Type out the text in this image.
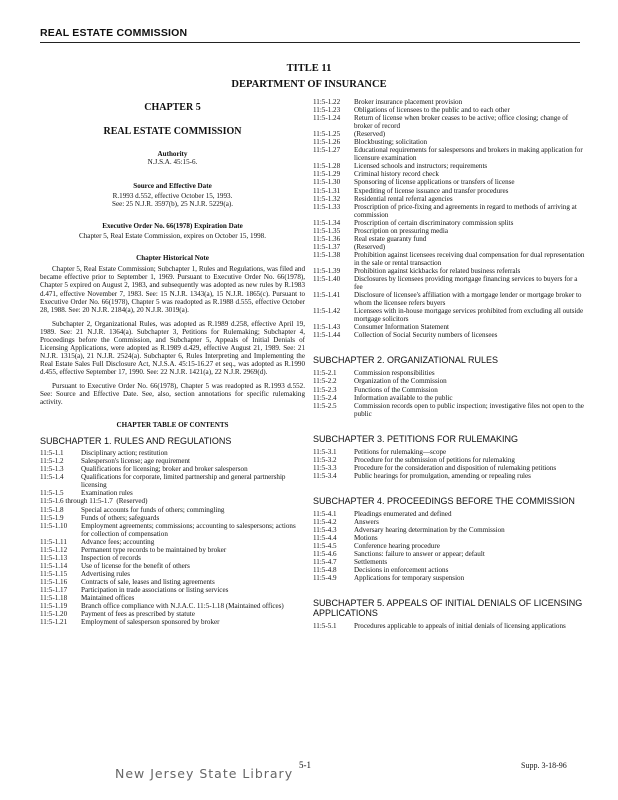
REAL ESTATE COMMISSION
TITLE 11
DEPARTMENT OF INSURANCE

CHAPTER 5

REAL ESTATE COMMISSION

Authority

N.J.S.A. 45:15-6.

Source and Effective Date

R.1993 d.552, effective October 15, 1993.

See: 25 N.J.R. 3597(b), 25 N.J.R. 5229(a).

Executive Order No. 66(1978) Expiration Date

Chapter 5, Real Estate Commission, expires on October 15, 1998.

Chapter Historical Note

Chapter 5, Real Estate Commission; Subchapter 1, Rules and Regulations, was filed and became effective prior to September 1, 1969. Pursuant to Executive Order No. 66(1978), Chapter 5 expired on August 2, 1983, and subsequently was adopted as new rules by R.1983 d.471, effective November 7, 1983. See: 15 N.J.R. 1343(a), 15 N.J.R. 1865(c). Pursuant to Executive Order No. 66(1978), Chapter 5 was readopted as R.1988 d.555, effective October 28, 1988. See: 20 N.J.R. 2184(a), 20 N.J.R. 3019(a).

Subchapter 2, Organizational Rules, was adopted as R.1989 d.258, effective April 19, 1989. See: 21 N.J.R. 1364(a). Subchapter 3, Petitions for Rulemaking; Subchapter 4, Proceedings before the Commission, and Subchapter 5, Appeals of Initial Denials of Licensing Applications, were adopted as R.1989 d.429, effective August 21, 1989. See: 21 N.J.R. 1315(a), 21 N.J.R. 2524(a). Subchapter 6, Rules Interpreting and Implementing the Real Estate Sales Full Disclosure Act, N.J.S.A. 45:15-16.27 et seq., was adopted as R.1990 d.455, effective September 17, 1990. See: 22 N.J.R. 1421(a), 22 N.J.R. 2969(d).

Pursuant to Executive Order No. 66(1978), Chapter 5 was readopted as R.1993 d.552. See: Source and Effective Date. See, also, section annotations for specific rulemaking activity.

CHAPTER TABLE OF CONTENTS

SUBCHAPTER 1. RULES AND REGULATIONS

11:5-1.1	Disciplinary action; restitution
11:5-1.2	Salesperson's license; age requirement
11:5-1.3	Qualifications for licensing; broker and broker salesperson
11:5-1.4	Qualifications for corporate, limited partnership and general partnership licensing
11:5-1.5	Examination rules
11:5-1.6 through 11:5-1.7 (Reserved)
11:5-1.8	Special accounts for funds of others; commingling
11:5-1.9	Funds of others; safeguards
11:5-1.10	Employment agreements; commissions; accounting to salespersons; actions for collection of compensation
11:5-1.11	Advance fees; accounting
11:5-1.12	Permanent type records to be maintained by broker
11:5-1.13	Inspection of records
11:5-1.14	Use of license for the benefit of others
11:5-1.15	Advertising rules
11:5-1.16	Contracts of sale, leases and listing agreements
11:5-1.17	Participation in trade associations or listing services
11:5-1.18	Maintained offices
11:5-1.19	Branch office compliance with N.J.A.C. 11:5-1.18 (Maintained offices)
11:5-1.20	Payment of fees as prescribed by statute
11:5-1.21	Employment of salesperson sponsored by broker
11:5-1.22	Broker insurance placement provision
11:5-1.23	Obligations of licensees to the public and to each other
11:5-1.24	Return of license when broker ceases to be active; office closing; change of broker of record
11:5-1.25	(Reserved)
11:5-1.26	Blockbusting; solicitation
11:5-1.27	Educational requirements for salespersons and brokers in making application for licensure examination
11:5-1.28	Licensed schools and instructors; requirements
11:5-1.29	Criminal history record check
11:5-1.30	Sponsoring of license applications or transfers of license
11:5-1.31	Expediting of license issuance and transfer procedures
11:5-1.32	Residential rental referral agencies
11:5-1.33	Proscription of price-fixing and agreements in regard to methods of arriving at commission
11:5-1.34	Proscription of certain discriminatory commission splits
11:5-1.35	Proscription on pressuring media
11:5-1.36	Real estate guaranty fund
11:5-1.37	(Reserved)
11:5-1.38	Prohibition against licensees receiving dual compensation for dual representation in the sale or rental transaction
11:5-1.39	Prohibition against kickbacks for related business referrals
11:5-1.40	Disclosures by licensees providing mortgage financing services to buyers for a fee
11:5-1.41	Disclosure of licensee's affiliation with a mortgage lender or mortgage broker to whom the licensee refers buyers
11:5-1.42	Licensees with in-house mortgage services prohibited from excluding all outside mortgage solicitors
11:5-1.43	Consumer Information Statement
11:5-1.44	Collection of Social Security numbers of licensees

SUBCHAPTER 2. ORGANIZATIONAL RULES

11:5-2.1	Commission responsibilities
11:5-2.2	Organization of the Commission
11:5-2.3	Functions of the Commission
11:5-2.4	Information available to the public
11:5-2.5	Commission records open to public inspection; investigative files not open to the public

SUBCHAPTER 3. PETITIONS FOR RULEMAKING

11:5-3.1	Petitions for rulemaking—scope
11:5-3.2	Procedure for the submission of petitions for rulemaking
11:5-3.3	Procedure for the consideration and disposition of rulemaking petitions
11:5-3.4	Public hearings for promulgation, amending or repealing rules

SUBCHAPTER 4. PROCEEDINGS BEFORE THE COMMISSION

11:5-4.1	Pleadings enumerated and defined
11:5-4.2	Answers
11:5-4.3	Adversary hearing determination by the Commission
11:5-4.4	Motions
11:5-4.5	Conference hearing procedure
11:5-4.6	Sanctions: failure to answer or appear; default
11:5-4.7	Settlements
11:5-4.8	Decisions in enforcement actions
11:5-4.9	Applications for temporary suspension

SUBCHAPTER 5. APPEALS OF INITIAL DENIALS OF LICENSING APPLICATIONS

11:5-5.1	Procedures applicable to appeals of initial denials of licensing applications
5-1	Supp. 3-18-96
New Jersey State Library
